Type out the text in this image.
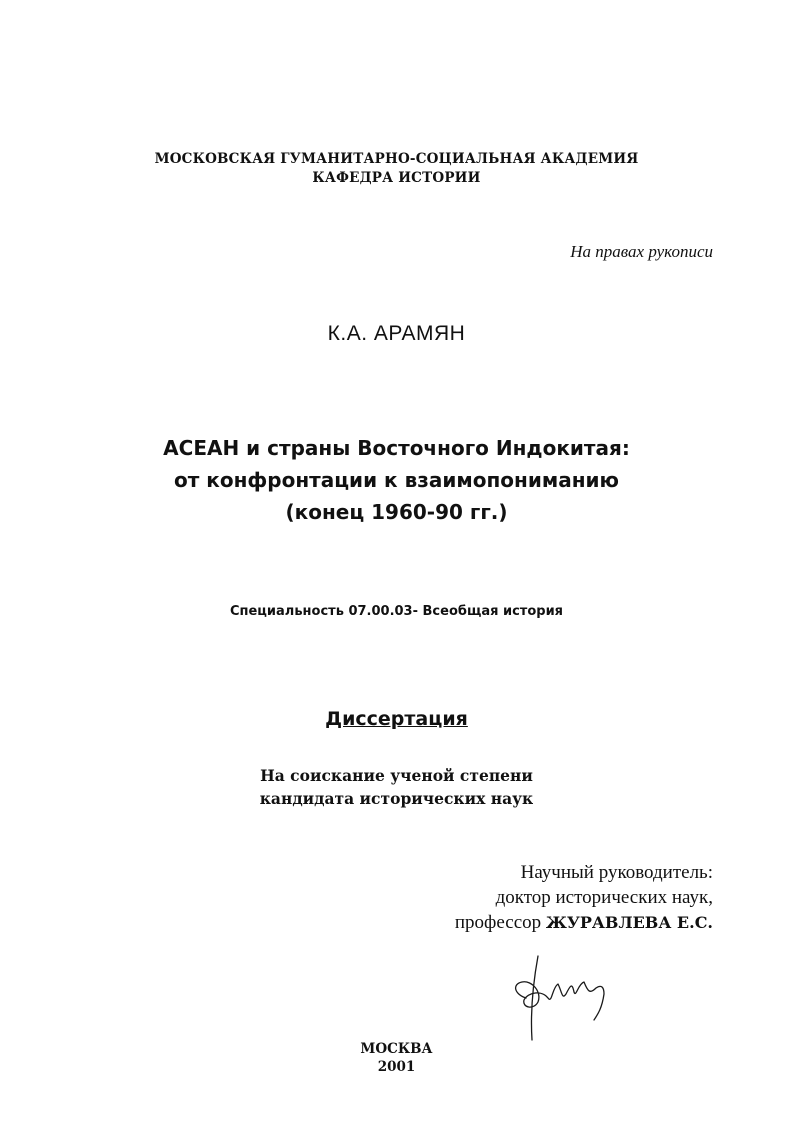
МОСКОВСКАЯ ГУМАНИТАРНО-СОЦИАЛЬНАЯ АКАДЕМИЯ
КАФЕДРА ИСТОРИИ
На правах рукописи
К.А. АРАМЯН
АСЕАН и страны Восточного Индокитая:
от конфронтации к взаимопониманию
(конец 1960-90 гг.)
Специальность 07.00.03- Всеобщая история
Диссертация
На соискание ученой степени
кандидата исторических наук
Научный руководитель:
доктор исторических наук,
профессор ЖУРАВЛЕВА Е.С.
МОСКВА
2001
